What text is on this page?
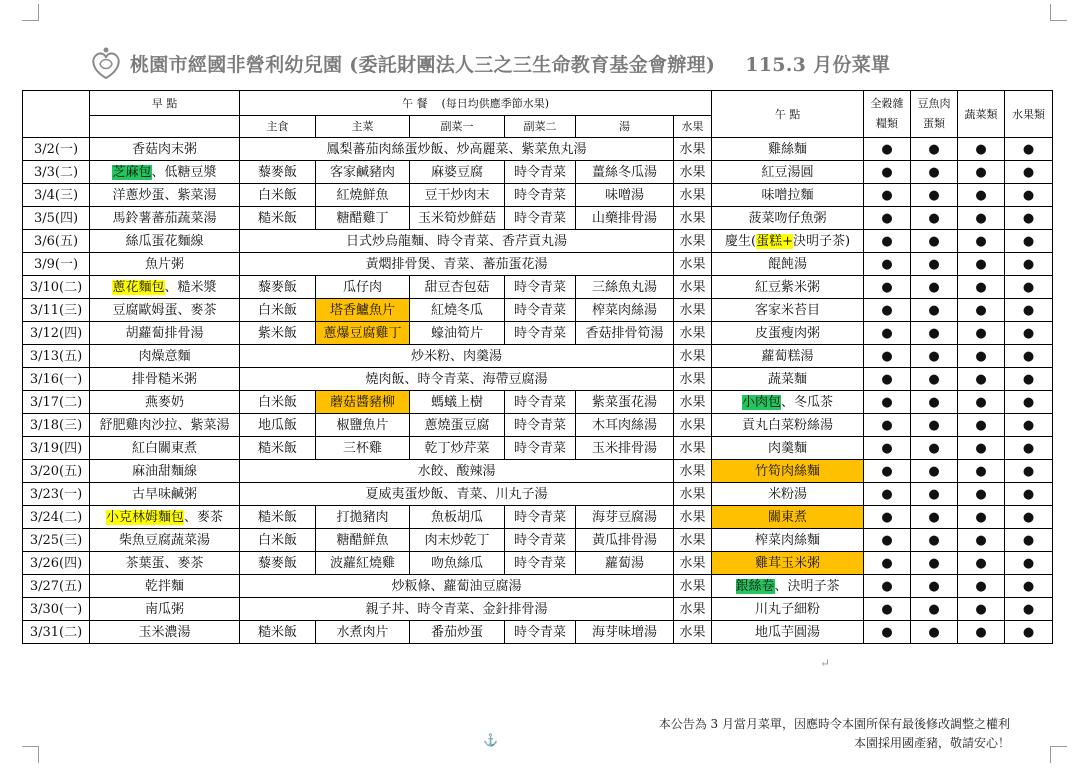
桃園市經國非營利幼兒園 (委託財團法人三之三生命教育基金會辦理) 115.3 月份菜單
	早 點	午 餐 (每日均供應季節水果)						午 點	全穀雜糧類	豆魚肉蛋類	蔬菜類	水果類
		主食	主菜	副菜一	副菜二	湯	水果					
3/2(一)	香菇肉末粥	鳳梨蕃茄肉絲蛋炒飯、炒高麗菜、紫菜魚丸湯					水果	雞絲麵	●	●	●	●
3/3(二)	芝麻包、低糖豆漿	藜麥飯	客家鹹豬肉	麻婆豆腐	時令青菜	薑絲冬瓜湯	水果	紅豆湯圓	●	●	●	●
3/4(三)	洋蔥炒蛋、紫菜湯	白米飯	紅燒鮮魚	豆干炒肉末	時令青菜	味噌湯	水果	味噌拉麵	●	●	●	●
3/5(四)	馬鈴薯蕃茄蔬菜湯	糙米飯	糖醋雞丁	玉米筍炒鮮菇	時令青菜	山藥排骨湯	水果	菠菜吻仔魚粥	●	●	●	●
3/6(五)	絲瓜蛋花麵線	日式炒烏龍麵、時令青菜、香芹貢丸湯					水果	慶生(蛋糕+決明子茶)	●	●	●	●
3/9(一)	魚片粥	黃燜排骨煲、青菜、蕃茄蛋花湯					水果	餛飩湯	●	●	●	●
3/10(二)	蔥花麵包、糙米漿	藜麥飯	瓜仔肉	甜豆杏包菇	時令青菜	三絲魚丸湯	水果	紅豆紫米粥	●	●	●	●
3/11(三)	豆腐歐姆蛋、麥茶	白米飯	塔香鱸魚片	紅燒冬瓜	時令青菜	榨菜肉絲湯	水果	客家米苔目	●	●	●	●
3/12(四)	胡蘿蔔排骨湯	紫米飯	蔥爆豆腐雞丁	蠔油筍片	時令青菜	香菇排骨筍湯	水果	皮蛋瘦肉粥	●	●	●	●
3/13(五)	肉燥意麵	炒米粉、肉羹湯					水果	蘿蔔糕湯	●	●	●	●
3/16(一)	排骨糙米粥	燒肉飯、時令青菜、海帶豆腐湯					水果	蔬菜麵	●	●	●	●
3/17(二)	燕麥奶	白米飯	蘑菇醬豬柳	螞蟻上樹	時令青菜	紫菜蛋花湯	水果	小肉包、冬瓜茶	●	●	●	●
3/18(三)	舒肥雞肉沙拉、紫菜湯	地瓜飯	椒鹽魚片	蔥燒蛋豆腐	時令青菜	木耳肉絲湯	水果	貢丸白菜粉絲湯	●	●	●	●
3/19(四)	紅白關東煮	糙米飯	三杯雞	乾丁炒芹菜	時令青菜	玉米排骨湯	水果	肉羹麵	●	●	●	●
3/20(五)	麻油甜麵線	水餃、酸辣湯					水果	竹筍肉絲麵	●	●	●	●
3/23(一)	古早味鹹粥	夏威夷蛋炒飯、青菜、川丸子湯					水果	米粉湯	●	●	●	●
3/24(二)	小克林姆麵包、麥茶	糙米飯	打拋豬肉	魚板胡瓜	時令青菜	海芽豆腐湯	水果	關東煮	●	●	●	●
3/25(三)	柴魚豆腐蔬菜湯	白米飯	糖醋鮮魚	肉末炒乾丁	時令青菜	黃瓜排骨湯	水果	榨菜肉絲麵	●	●	●	●
3/26(四)	茶葉蛋、麥茶	藜麥飯	波蘿紅燒雞	吻魚絲瓜	時令青菜	蘿蔔湯	水果	雞茸玉米粥	●	●	●	●
3/27(五)	乾拌麵	炒粄條、蘿蔔油豆腐湯					水果	銀絲卷、決明子茶	●	●	●	●
3/30(一)	南瓜粥	親子丼、時令青菜、金針排骨湯					水果	川丸子細粉	●	●	●	●
3/31(二)	玉米濃湯	糙米飯	水煮肉片	番茄炒蛋	時令青菜	海芽味增湯	水果	地瓜芋圓湯	●	●	●	●
↵
本公告為 3 月當月菜單，因應時令本園所保有最後修改調整之權利
本園採用國產豬，敬請安心！
⚓
